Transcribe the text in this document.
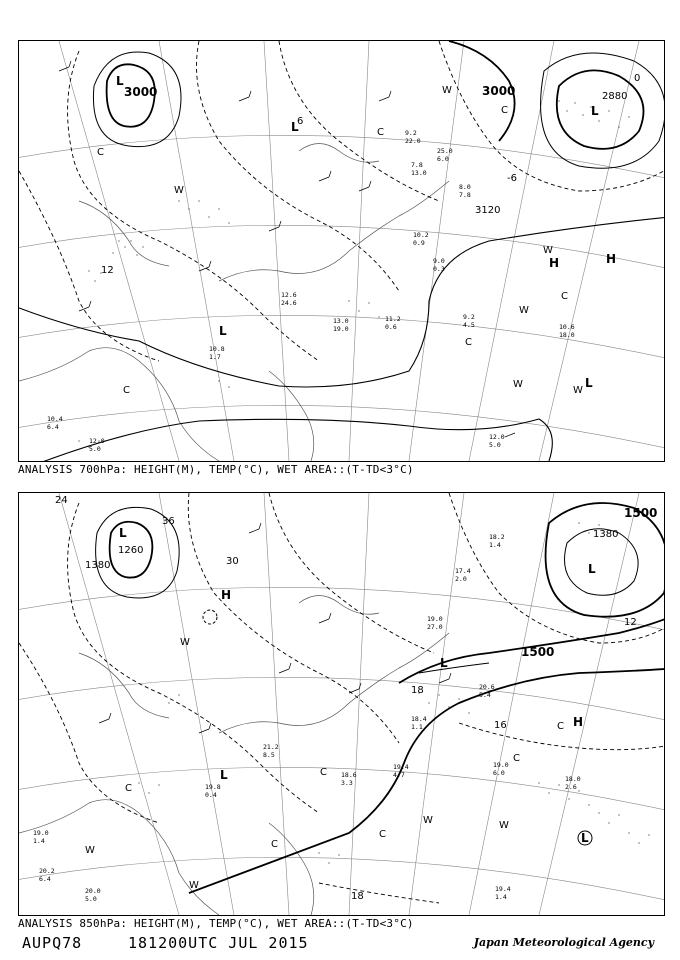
3000	3000	2880
3120
12
6
0
-6
L
L
L
L
L
H	H
W
W
W
W
W
W
C
C
C
C
C
C
12.0
5.0
10.4
6.4
10.6
18.0
9.2
4.5
11.2
0.6
13.0
19.0
10.8
1.7
12.6
24.6
9.0
0.3
10.2
0.9
8.0
7.8
9.2
22.0
7.8
13.0
25.0
6.0
12.0
5.0
ANALYSIS 700hPa: HEIGHT(M), TEMP(°C), WET AREA::(T-TD<3°C)
1380
1260
1380
1500
1500
24
36
30
12
18
18
16
L
L
L
L
L
H
H
W
W
W
W
W
C
C
C
C
C
C
19.4
1.4
20.0
5.0
19.0
1.4
20.2
6.4
19.8
0.4
19.0
6.0
18.0
2.6
18.6
3.3
21.2
8.5
19.4
4.7
18.2
1.4
17.4
2.0
20.6
5.4
18.4
1.1
19.0
27.0
ANALYSIS 850hPa: HEIGHT(M), TEMP(°C), WET AREA::(T-TD<3°C)
AUPQ78	181200UTC JUL 2015	Japan Meteorological Agency
